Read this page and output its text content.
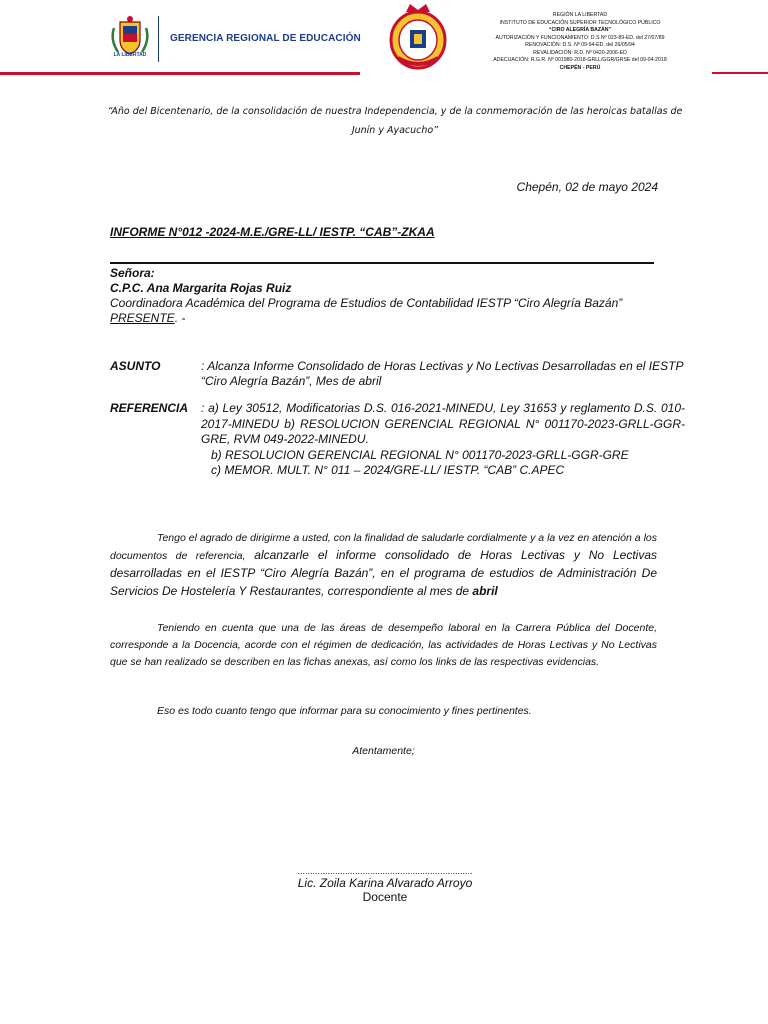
LA LIBERTAD
GERENCIA REGIONAL DE EDUCACIÓN
REGIÓN LA LIBERTAD
INSTITUTO DE EDUCACIÓN SUPERIOR TECNOLÓGICO PÚBLICO
“CIRO ALEGRÍA BAZÁN”
AUTORIZACIÓN Y FUNCIONAMIENTO: D.S Nº 023-89-ED. del 27/07/89
RENOVACIÓN: D.S. Nº 09-94-ED. del 26/05/94
REVALIDACIÓN: R.D. Nº 0420-2006-ED
ADECUACIÓN: R.G.R. Nº 001980-2018-GRLL/GGR/GRSE del 09-04-2018
CHEPÉN - PERÚ
“Año del Bicentenario, de la consolidación de nuestra Independencia, y de la conmemoración de las heroicas batallas de
Junín y Ayacucho”
Chepén, 02 de mayo 2024
INFORME N°012 -2024-M.E./GRE-LL/ IESTP. “CAB”-ZKAA
Señora:
C.P.C. Ana Margarita Rojas Ruiz
Coordinadora Académica del Programa de Estudios de Contabilidad IESTP “Ciro Alegría Bazán”
PRESENTE. -
ASUNTO	: Alcanza Informe Consolidado de Horas Lectivas y No Lectivas Desarrolladas en el IESTP “Ciro Alegría Bazán”, Mes de abril
REFERENCIA	: a) Ley 30512, Modificatorias D.S. 016-2021-MINEDU, Ley 31653 y reglamento D.S. 010-2017-MINEDU b) RESOLUCION GERENCIAL REGIONAL N° 001170-2023-GRLL-GGR-GRE, RVM 049-2022-MINEDU.
b) RESOLUCION GERENCIAL REGIONAL N° 001170-2023-GRLL-GGR-GRE
c) MEMOR. MULT. N° 011 – 2024/GRE-LL/ IESTP. “CAB” C.APEC
Tengo el agrado de dirigirme a usted, con la finalidad de saludarle cordialmente y a la vez en atención a los documentos de referencia, alcanzarle el informe consolidado de Horas Lectivas y No Lectivas desarrolladas en el IESTP “Ciro Alegría Bazán”, en el programa de estudios de Administración De Servicios De Hostelería Y Restaurantes, correspondiente al mes de abril
Teniendo en cuenta que una de las áreas de desempeño laboral en la Carrera Pública del Docente, corresponde a la Docencia, acorde con el régimen de dedicación, las actividades de Horas Lectivas y No Lectivas que se han realizado se describen en las fichas anexas, así como los links de las respectivas evidencias.
Eso es todo cuanto tengo que informar para su conocimiento y fines pertinentes.
Atentamente;
......................................................................
Lic. Zoila Karina Alvarado Arroyo
Docente
